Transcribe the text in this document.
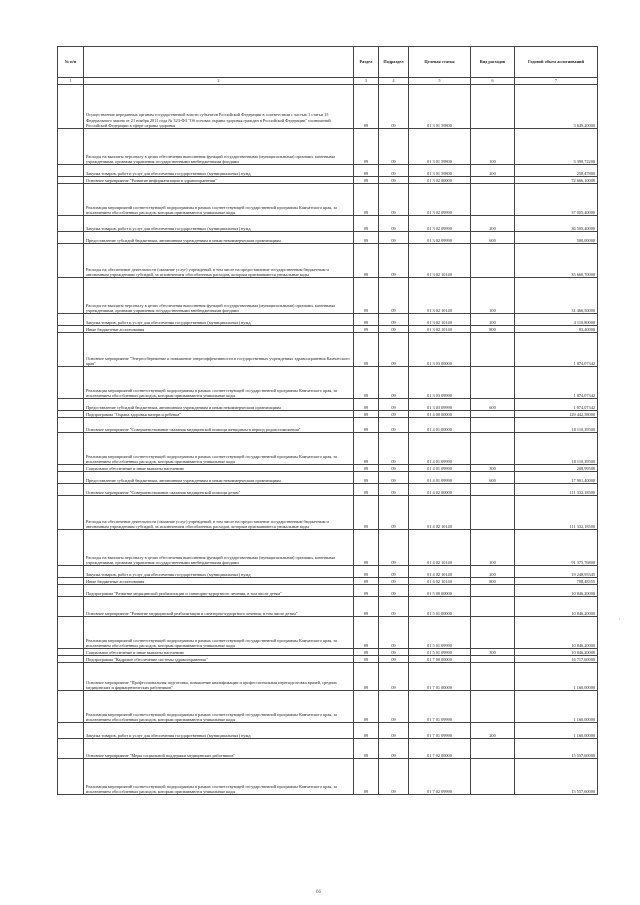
№ п/п		Раздел	Подраздел	Целевая статья	Вид расходов	Годовой объем ассигнований
1	2	3	4	5	6	7
	Осуществление переданных органам государственной власти субъектов Российской Федерации в соответствии с частью 1 статьи 15 Федерального закона от 21 ноября 2011 года № 323-ФЗ "Об основах охраны здоровья граждан в Российской Федерации" полномочий Российской Федерации в сфере охраны здоровья	09	09	01 3 01 59800		3 649,20000
	Расходы на выплаты персоналу в целях обеспечения выполнения функций государственными (муниципальными) органами, казенными учреждениями, органами управления государственными внебюджетными фондами	09	09	01 3 01 59800	100	3 390,72200
	Закупка товаров, работ и услуг для обеспечения государственных (муниципальных) нужд	09	09	01 3 01 59800	200	258,47800
	Основное мероприятие "Развитие информатизации в здравоохранении"	09	09	01 3 02 00000		72 666,10000
	Реализация мероприятий соответствующей подпрограммы в рамках соответствующей государственной программы Камчатского края, за исключением обособленных расходов, которым присваиваются уникальные коды	09	09	01 3 02 09990		37 005,40000
	Закупка товаров, работ и услуг для обеспечения государственных (муниципальных) нужд	09	09	01 3 02 09990	200	36 505,40000
	Предоставление субсидий бюджетным, автономным учреждениям и иным некоммерческим организациям	09	09	01 3 02 09990	600	500,00000
	Расходы на обеспечение деятельности (оказание услуг) учреждений, в том числе на предоставление государственным бюджетным и автономным учреждениям субсидий, за исключением обособленных расходов, которым присваиваются уникальные коды	09	09	01 3 02 10140		35 660,70000
	Расходы на выплаты персоналу в целях обеспечения выполнения функций государственными (муниципальными) органами, казенными учреждениями, органами управления государственными внебюджетными фондами	09	09	01 3 02 10140	100	31 466,50000
	Закупка товаров, работ и услуг для обеспечения государственных (муниципальных) нужд	09	09	01 3 02 10140	200	4 110,80000
	Иные бюджетные ассигнования	09	09	01 3 02 10140	800	83,40000
	Основное мероприятие "Энергосбережение и повышение энергоэффективности в государственных учреждениях здравоохранения Камчатского края"	09	09	01 3 03 00000		1 874,07342
	Реализация мероприятий соответствующей подпрограммы в рамках соответствующей государственной программы Камчатского края, за исключением обособленных расходов, которым присваиваются уникальные коды	09	09	01 3 03 09990		1 874,07342
	Предоставление субсидий бюджетным, автономным учреждениям и иным некоммерческим организациям	09	09	01 3 03 09990	600	1 874,07342
	Подпрограмма "Охрана здоровья матери и ребенка"	09	09	01 4 00 00000		129 442,58000
	Основное мероприятие "Совершенствование оказания медицинской помощи женщинам в период родовспоможения"	09	09	01 4 01 00000		18 110,39500
	Реализация мероприятий соответствующей подпрограммы в рамках соответствующей государственной программы Камчатского края, за исключением обособленных расходов, которым присваиваются уникальные коды	09	09	01 4 01 09990		18 110,39500
	Социальное обеспечение и иные выплаты населению	09	09	01 4 01 09990	300	208,99500
	Предоставление субсидий бюджетным, автономным учреждениям и иным некоммерческим организациям	09	09	01 4 01 09990	600	17 901,40000
	Основное мероприятие "Совершенствование оказания медицинской помощи детям"	09	09	01 4 02 00000		111 332,18500
	Расходы на обеспечение деятельности (оказание услуг) учреждений, в том числе на предоставление государственным бюджетным и автономным учреждениям субсидий, за исключением обособленных расходов, которым присваиваются уникальные коды	09	09	01 4 02 10140		111 332,18500
	Расходы на выплаты персоналу в целях обеспечения выполнения функций государственными (муниципальными) органами, казенными учреждениями, органами управления государственными внебюджетными фондами	09	09	01 4 02 10140	100	91 375,76800
	Закупка товаров, работ и услуг для обеспечения государственных (муниципальных) нужд	09	09	01 4 02 10140	200	19 248,95345
	Иные бюджетные ассигнования	09	09	01 4 02 10140	800	708,48355
	Подпрограмма "Развитие медицинской реабилитации и санаторно-курортного лечения, в том числе детям"	09	09	01 5 00 00000		10 846,20000
	Основное мероприятие "Развитие медицинской реабилитации и санаторно-курортного лечения, в том числе детям"	09	09	01 5 01 00000		10 846,20000
	Реализация мероприятий соответствующей подпрограммы в рамках соответствующей государственной программы Камчатского края, за исключением обособленных расходов, которым присваиваются уникальные коды	09	09	01 5 01 09990		10 846,20000
	Социальное обеспечение и иные выплаты населению	09	09	01 5 01 09990	300	10 846,20000
	Подпрограмма "Кадровое обеспечение системы здравоохранения"	09	09	01 7 00 00000		16 717,60000
	Основное мероприятие "Профессиональная подготовка, повышение квалификации и профессиональная переподготовка врачей, средних медицинских и фармацевтических работников"	09	09	01 7 01 00000		1 160,00000
	Реализация мероприятий соответствующей подпрограммы в рамках соответствующей государственной программы Камчатского края, за исключением обособленных расходов, которым присваиваются уникальные коды	09	09	01 7 01 09990		1 160,00000
	Закупка товаров, работ и услуг для обеспечения государственных (муниципальных) нужд	09	09	01 7 01 09990	200	1 160,00000
	Основное мероприятие "Меры социальной поддержки медицинских работников"	09	09	01 7 02 00000		15 557,60000
	Реализация мероприятий соответствующей подпрограммы в рамках соответствующей государственной программы Камчатского края, за исключением обособленных расходов, которым присваиваются уникальные коды	09	09	01 7 02 09990		15 557,60000
66
'
